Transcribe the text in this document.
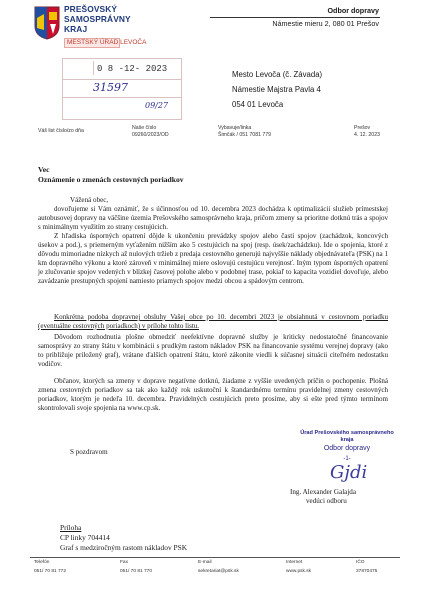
PREŠOVSKÝ
SAMOSPRÁVNY
KRAJ
MESTSKÝ ÚRAD LEVOČA
0 8 -12- 2023
31597
09/27
Odbor dopravy
Námestie mieru 2, 080 01 Prešov
Mesto Levoča (č. Závada)
Námestie Majstra Pavla 4
054 01 Levoča
Váš list číslo/zo dňa	Naše číslo
09260/2023/OD
Vybavuje/linka
Šimčák / 051 7081 779
Prešov
4. 12. 2023
Vec
Oznámenie o zmenách cestovných poriadkov
Vážená obec,

dovoľujeme si Vám oznámiť, že s účinnosťou od 10. decembra 2023 dochádza k optimalizácii služieb prímestskej autobusovej dopravy na väčšine územia Prešovského samosprávneho kraja, pričom zmeny sa prioritne dotknú trás a spojov s minimálnym využitím zo strany cestujúcich.

Z hľadiska úsporných opatrení dôjde k ukončeniu prevádzky spojov alebo častí spojov (zachádzok, koncových úsekov a pod.), s priemerným vyťažením nižším ako 5 cestujúcich na spoj (resp. úsek/zachádzku). Ide o spojenia, ktoré z dôvodu mimoriadne nízkych až nulových tržieb z predaja cestovného generujú najvyššie náklady objednávateľa (PSK) na 1 km dopravného výkonu a ktoré zároveň v minimálnej miere oslovujú cestujúcu verejnosť. Iným typom úsporných opatrení je zlučovanie spojov vedených v blízkej časovej polohe alebo v podobnej trase, pokiaľ to kapacita vozidiel dovoľuje, alebo zavádzanie prestupných spojení namiesto priamych spojov medzi obcou a spádovým centrom.

Konkrétna podoba dopravnej obsluhy Vašej obce po 10. decembri 2023 je obsiahnutá v cestovnom poriadku (eventuálne cestovných poriadkoch) v prílohe tohto listu.

Dôvodom rozhodnutia plošne obmedziť neefektívne dopravné služby je kriticky nedostatočné financovanie samosprávy zo strany štátu v kombinácii s prudkým rastom nákladov PSK na financovanie systému verejnej dopravy (ako to približuje priložený graf), vrátane ďalších opatrení štátu, ktoré zákonite viedli k súčasnej situácii citeľném nedostatku vodičov.

Občanov, ktorých sa zmeny v doprave negatívne dotknú, žiadame z vyššie uvedených príčin o pochopenie. Plošná zmena cestovných poriadkov sa tak ako každý rok uskutoční k štandardnému termínu pravidelnej zmeny cestovných poriadkov, ktorým je nedeľa 10. decembra. Pravidelných cestujúcich preto prosíme, aby si ešte pred týmto termínom skontrolovali svoje spojenia na www.cp.sk.

S pozdravom
Úrad Prešovského samosprávneho kraja
Odbor dopravy
-1-
Gjdi
Ing. Alexander Galajda
vedúci odboru
Príloha
CP linky 704414
Graf s medziročným rastom nákladov PSK
Telefón
051/ 70 81 772
Fax
051/ 70 81 770
E-mail
sekretariat@psk.sk
Internet
www.psk.sk
IČO
37870475
